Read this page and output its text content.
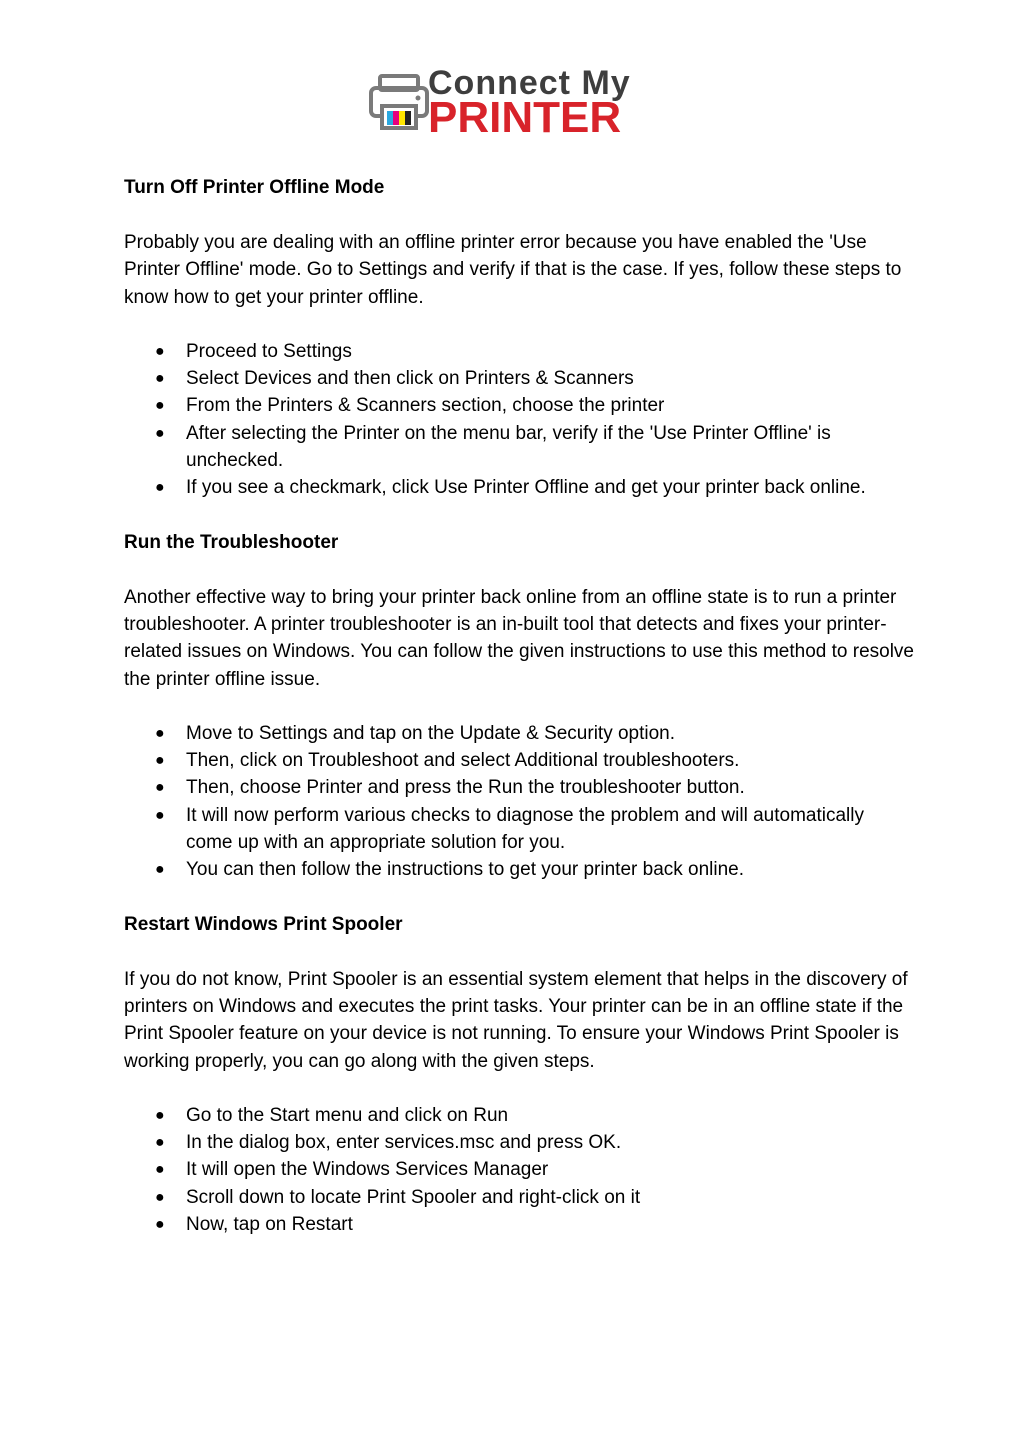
Connect My
PRINTER
Turn Off Printer Offline Mode

Probably you are dealing with an offline printer error because you have enabled the 'Use Printer Offline' mode. Go to Settings and verify if that is the case. If yes, follow these steps to know how to get your printer offline.

● Proceed to Settings
● Select Devices and then click on Printers & Scanners
● From the Printers & Scanners section, choose the printer
● After selecting the Printer on the menu bar, verify if the 'Use Printer Offline' is unchecked.
● If you see a checkmark, click Use Printer Offline and get your printer back online.
Run the Troubleshooter

Another effective way to bring your printer back online from an offline state is to run a printer troubleshooter. A printer troubleshooter is an in-built tool that detects and fixes your printer-related issues on Windows. You can follow the given instructions to use this method to resolve the printer offline issue.

● Move to Settings and tap on the Update & Security option.
● Then, click on Troubleshoot and select Additional troubleshooters.
● Then, choose Printer and press the Run the troubleshooter button.
● It will now perform various checks to diagnose the problem and will automatically come up with an appropriate solution for you.
● You can then follow the instructions to get your printer back online.
Restart Windows Print Spooler

If you do not know, Print Spooler is an essential system element that helps in the discovery of printers on Windows and executes the print tasks. Your printer can be in an offline state if the Print Spooler feature on your device is not running. To ensure your Windows Print Spooler is working properly, you can go along with the given steps.

● Go to the Start menu and click on Run
● In the dialog box, enter services.msc and press OK.
● It will open the Windows Services Manager
● Scroll down to locate Print Spooler and right-click on it
● Now, tap on Restart
